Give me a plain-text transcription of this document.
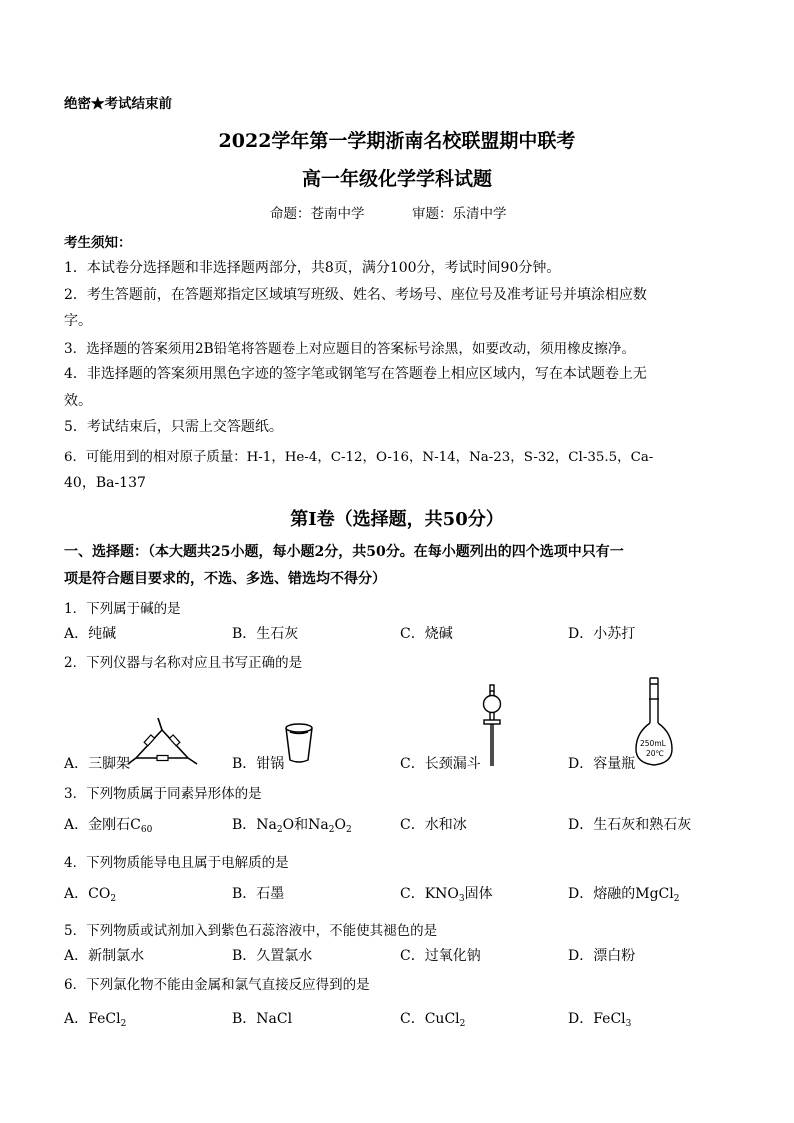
绝密★考试结束前
2022学年第一学期浙南名校联盟期中联考
高一年级化学学科试题
命题：苍南中学	审题：乐清中学
考生须知：
1．本试卷分选择题和非选择题两部分，共8页，满分100分，考试时间90分钟。
2．考生答题前，在答题郑指定区域填写班级、姓名、考场号、座位号及准考证号并填涂相应数
字。
3．选择题的答案须用2B铅笔将答题卷上对应题目的答案标号涂黑，如要改动，须用橡皮擦净。
4．非选择题的答案须用黑色字迹的签字笔或钢笔写在答题卷上相应区域内，写在本试题卷上无
效。
5．考试结束后，只需上交答题纸。
6．可能用到的相对原子质量：H-1，He-4，C-12，O-16，N-14，Na-23，S-32，Cl-35.5，Ca-
40，Ba-137
第Ⅰ卷（选择题，共50分）
一、选择题：（本大题共25小题，每小题2分，共50分。在每小题列出的四个选项中只有一
项是符合题目要求的，不选、多选、错选均不得分）
1．下列属于碱的是
A．纯碱	B．生石灰	C．烧碱	D．小苏打
2．下列仪器与名称对应且书写正确的是
A．三脚架	B．钳锅	C．长颈漏斗
250mL
20℃
D．容量瓶
3．下列物质属于同素异形体的是
A．金刚石$C_{60}$	B．$Na_2O$和$Na_2O_2$	C．水和冰	D．生石灰和熟石灰
4．下列物质能导电且属于电解质的是
A．$CO_2$	B．石墨	C．$KNO_3$固体	D．熔融的MgCl$_2$
5．下列物质或试剂加入到紫色石蕊溶液中，不能使其褪色的是
A．新制氯水	B．久置氯水	C．过氧化钠	D．漂白粉
6．下列氯化物不能由金属和氯气直接反应得到的是
A．FeCl$_2$	B．NaCl	C．CuCl$_2$	D．FeCl$_3$
